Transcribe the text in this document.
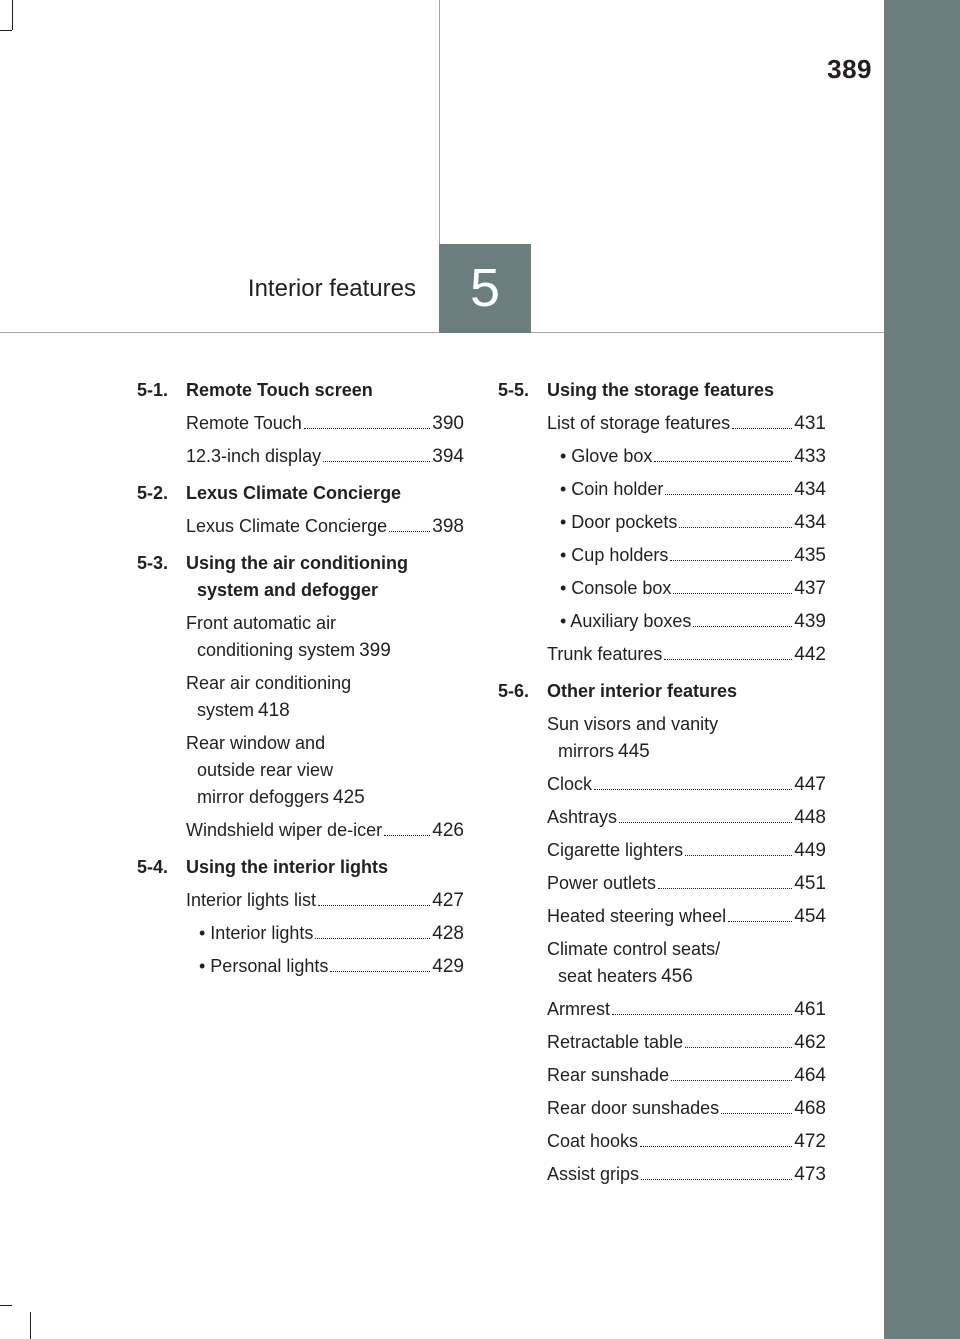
389
Interior features 5
5-1. Remote Touch screen
Remote Touch	390
12.3-inch display	394
5-2. Lexus Climate Concierge
Lexus Climate Concierge 398
5-3. Using the air conditioning system and defogger
Front automatic air
conditioning system 399
Rear air conditioning
system 418
Rear window and
outside rear view
mirror defoggers 425
Windshield wiper de-icer	426
5-4. Using the interior lights
Interior lights list	427
• Interior lights	428
• Personal lights	429
5-5. Using the storage features
List of storage features	431
• Glove box	433
• Coin holder	434
• Door pockets	434
• Cup holders	435
• Console box	437
• Auxiliary boxes	439
Trunk features	442
5-6. Other interior features
Sun visors and vanity
mirrors 445
Clock	447
Ashtrays	448
Cigarette lighters	449
Power outlets	451
Heated steering wheel	454
Climate control seats/
seat heaters 456
Armrest	461
Retractable table	462
Rear sunshade	464
Rear door sunshades	468
Coat hooks	472
Assist grips	473
